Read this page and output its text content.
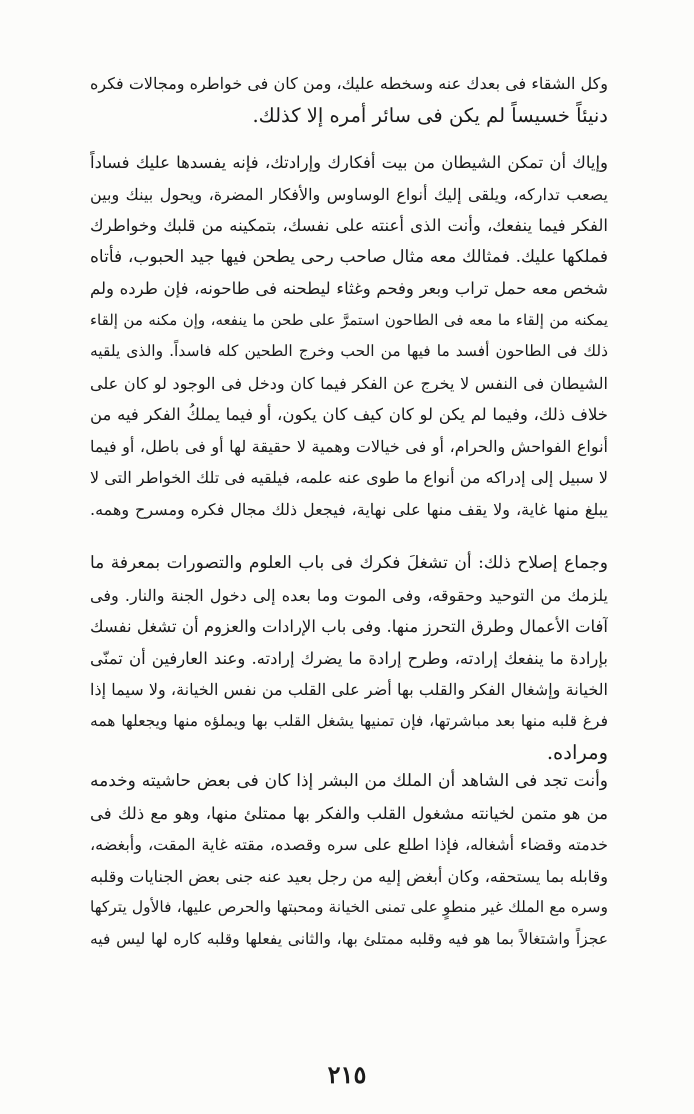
وكل الشقاء فى بعدك عنه وسخطه عليك، ومن كان فى خواطره ومجالات فكره
دنيئاً خسيساً لم يكن فى سائر أمره إلا كذلك.
وإياك أن تمكن الشيطان من بيت أفكارك وإرادتك، فإنه يفسدها عليك فساداً
يصعب تداركه، ويلقى إليك أنواع الوساوس والأفكار المضرة، ويحول بينك وبين
الفكر فيما ينفعك، وأنت الذى أعنته على نفسك، بتمكينه من قلبك وخواطرك
فملكها عليك. فمثالك معه مثال صاحب رحى يطحن فيها جيد الحبوب، فأتاه
شخص معه حمل تراب وبعر وفحم وغثاء ليطحنه فى طاحونه، فإن طرده ولم
يمكنه من إلقاء ما معه فى الطاحون استمرَّ على طحن ما ينفعه، وإن مكنه من إلقاء
ذلك فى الطاحون أفسد ما فيها من الحب وخرج الطحين كله فاسداً. والذى يلقيه
الشيطان فى النفس لا يخرج عن الفكر فيما كان ودخل فى الوجود لو كان على
خلاف ذلك، وفيما لم يكن لو كان كيف كان يكون، أو فيما يملكُ الفكر فيه من
أنواع الفواحش والحرام، أو فى خيالات وهمية لا حقيقة لها أو فى باطل، أو فيما
لا سبيل إلى إدراكه من أنواع ما طوى عنه علمه، فيلقيه فى تلك الخواطر التى لا
يبلغ منها غاية، ولا يقف منها على نهاية، فيجعل ذلك مجال فكره ومسرح وهمه.
وجماع إصلاح ذلك: أن تشغلَ فكرك فى باب العلوم والتصورات بمعرفة ما
يلزمك من التوحيد وحقوقه، وفى الموت وما بعده إلى دخول الجنة والنار. وفى
آفات الأعمال وطرق التحرز منها. وفى باب الإرادات والعزوم أن تشغل نفسك
بإرادة ما ينفعك إرادته، وطرح إرادة ما يضرك إرادته. وعند العارفين أن تمنّى
الخيانة وإشغال الفكر والقلب بها أضر على القلب من نفس الخيانة، ولا سيما إذا
فرغ قلبه منها بعد مباشرتها، فإن تمنيها يشغل القلب بها ويملؤه منها ويجعلها همه
ومراده.
وأنت تجد فى الشاهد أن الملك من البشر إذا كان فى بعض حاشيته وخدمه
من هو متمن لخيانته مشغول القلب والفكر بها ممتلئ منها، وهو مع ذلك فى
خدمته وقضاء أشغاله، فإذا اطلع على سره وقصده، مقته غاية المقت، وأبغضه،
وقابله بما يستحقه، وكان أبغض إليه من رجل بعيد عنه جنى بعض الجنايات وقلبه
وسره مع الملك غير منطوٍ على تمنى الخيانة ومحبتها والحرص عليها، فالأول يتركها
عجزاً واشتغالاً بما هو فيه وقلبه ممتلئ بها، والثانى يفعلها وقلبه كاره لها ليس فيه
٢١٥
